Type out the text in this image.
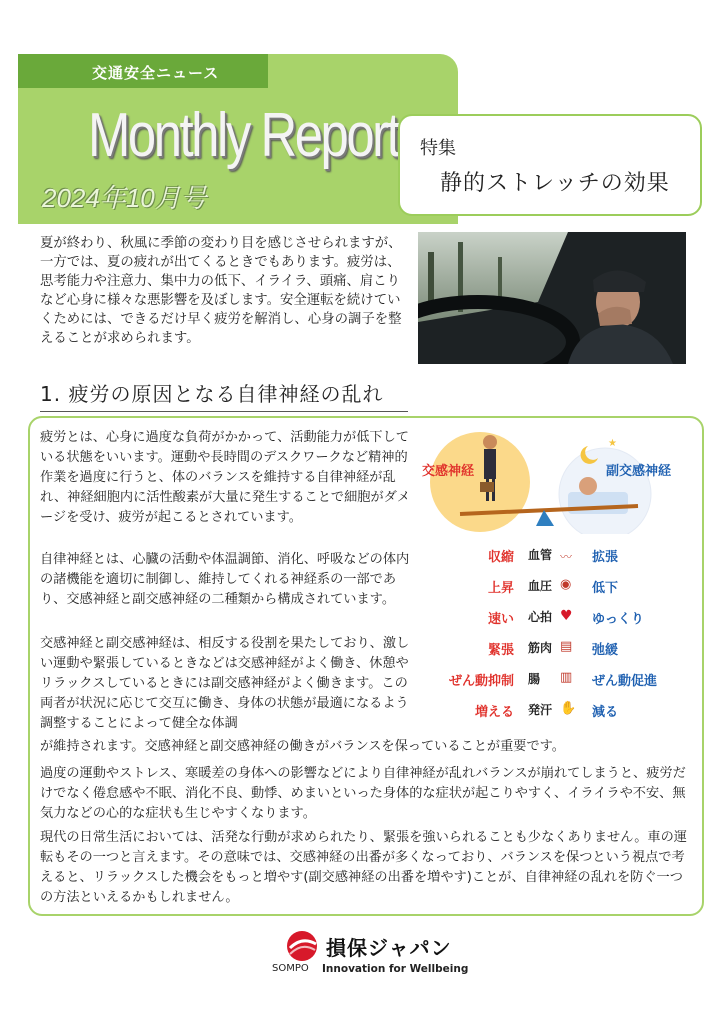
交通安全ニュース
Monthly Report
2024年10月号
特集
静的ストレッチの効果
夏が終わり、秋風に季節の変わり目を感じさせられますが、一方では、夏の疲れが出てくるときでもあります。疲労は、思考能力や注意力、集中力の低下、イライラ、頭痛、肩こりなど心身に様々な悪影響を及ぼします。安全運転を続けていくためには、できるだけ早く疲労を解消し、心身の調子を整えることが求められます。
1. 疲労の原因となる自律神経の乱れ
疲労とは、心身に過度な負荷がかかって、活動能力が低下している状態をいいます。運動や長時間のデスクワークなど精神的作業を過度に行うと、体のバランスを維持する自律神経が乱れ、神経細胞内に活性酸素が大量に発生することで細胞がダメージを受け、疲労が起こるとされています。
自律神経とは、心臓の活動や体温調節、消化、呼吸などの体内の諸機能を適切に制御し、維持してくれる神経系の一部であり、交感神経と副交感神経の二種類から構成されています。
交感神経と副交感神経は、相反する役割を果たしており、激しい運動や緊張しているときなどは交感神経がよく働き、休憩やリラックスしているときには副交感神経がよく働きます。この両者が状況に応じて交互に働き、身体の状態が最適になるよう調整することによって健全な体調
が維持されます。交感神経と副交感神経の働きがバランスを保っていることが重要です。
過度の運動やストレス、寒暖差の身体への影響などにより自律神経が乱れバランスが崩れてしまうと、疲労だけでなく倦怠感や不眠、消化不良、動悸、めまいといった身体的な症状が起こりやすく、イライラや不安、無気力などの心的な症状も生じやすくなります。
現代の日常生活においては、活発な行動が求められたり、緊張を強いられることも少なくありません。車の運転もその一つと言えます。その意味では、交感神経の出番が多くなっており、バランスを保つという視点で考えると、リラックスした機会をもっと増やす(副交感神経の出番を増やす)ことが、自律神経の乱れを防ぐ一つの方法といえるかもしれません。
★
交感神経	副交感神経
収縮 血管 〰 拡張
上昇 血圧 ◉ 低下
速い 心拍 ♥ ゆっくり
緊張 筋肉 ▤ 弛緩
ぜん動抑制 腸 ▥ ぜん動促進
増える 発汗 ✋ 減る
損保ジャパン
SOMPO Innovation for Wellbeing
